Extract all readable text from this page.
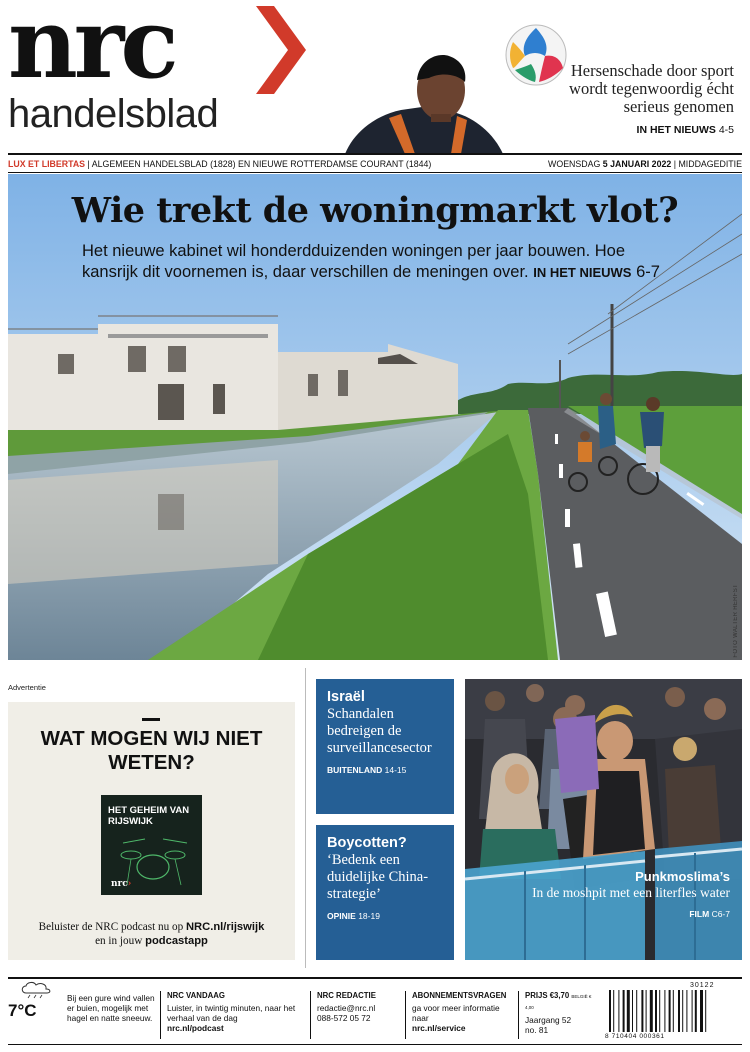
nrc
handelsblad
Hersenschade door sport wordt tegenwoordig écht serieus genomen
IN HET NIEUWS 4-5
LUX ET LIBERTAS | ALGEMEEN HANDELSBLAD (1828) EN NIEUWE ROTTERDAMSE COURANT (1844)	WOENSDAG 5 JANUARI 2022 | MIDDAGEDITIE
Wie trekt de woningmarkt vlot?
Het nieuwe kabinet wil honderdduizenden woningen per jaar bouwen. Hoe kansrijk dit voornemen is, daar verschillen de meningen over. IN HET NIEUWS 6-7
FOTO WALTER HERFST
Advertentie
WAT MOGEN WIJ NIET WETEN?
HET GEHEIM VAN RIJSWIJK
nrc›
Beluister de NRC podcast nu op NRC.nl/rijswijk
en in jouw podcastapp
Israël
Schandalen bedreigen de surveillancesector
BUITENLAND 14-15
Boycotten?
‘Bedenk een duidelijke China-strategie’
OPINIE 18-19
Punkmoslima’s
In de moshpit met een literfles water
FILM C6-7
7°C
Bij een gure wind vallen er buien, mogelijk met hagel en natte sneeuw.
NRC VANDAAG
Luister, in twintig minuten, naar het verhaal van de dag
nrc.nl/podcast
NRC REDACTIE
redactie@nrc.nl
088-572 05 72
ABONNEMENTSVRAGEN
ga voor meer informatie naar
nrc.nl/service
PRIJS €3,70 BELGIË € 4,00
Jaargang 52
no. 81
30122
8 710404 000361
